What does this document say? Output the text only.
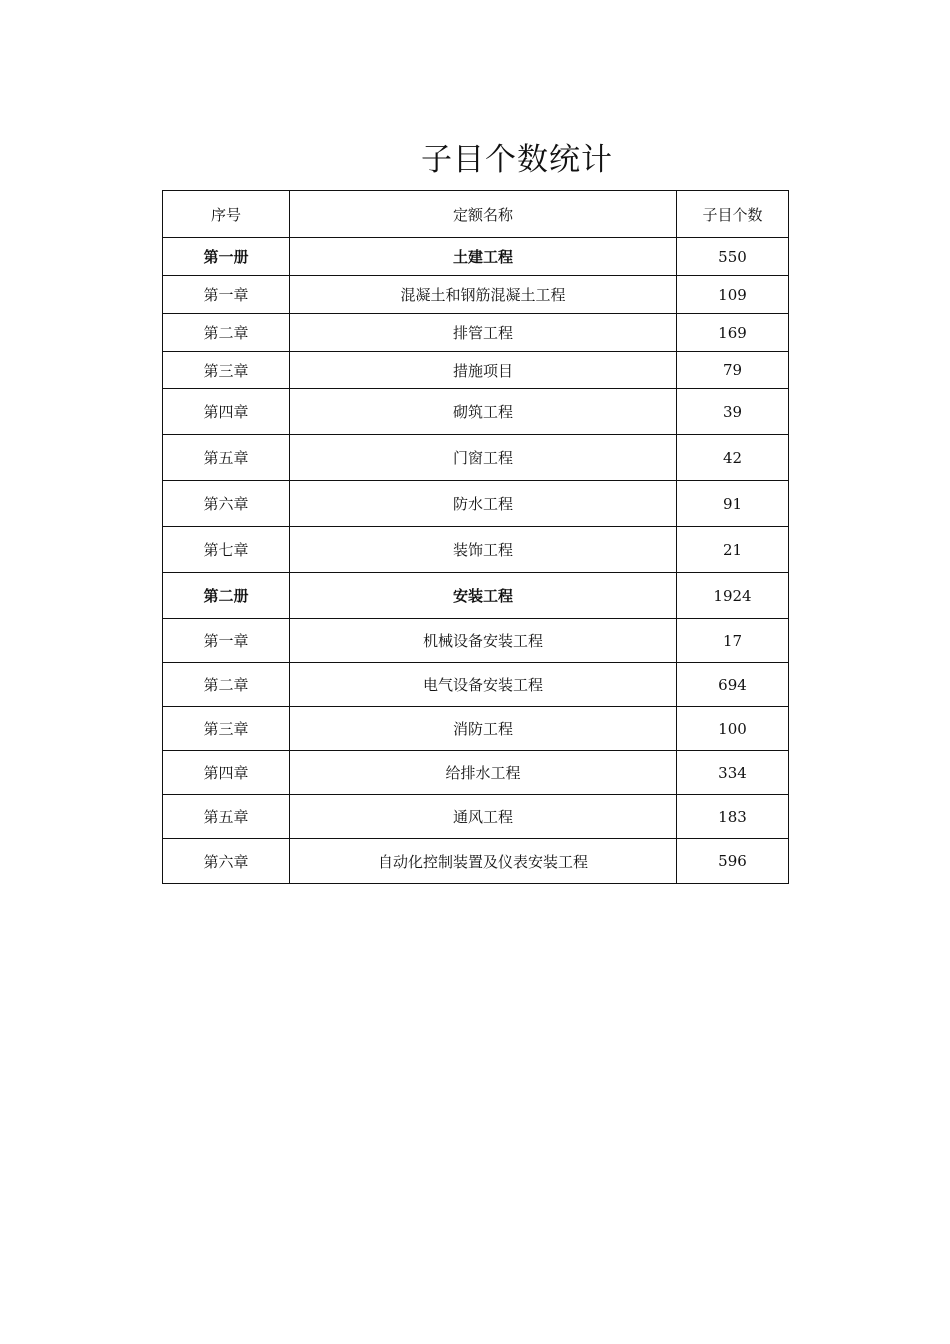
子目个数统计
序号	定额名称	子目个数
第一册	土建工程	550
第一章	混凝土和钢筋混凝土工程	109
第二章	排管工程	169
第三章	措施项目	79
第四章	砌筑工程	39
第五章	门窗工程	42
第六章	防水工程	91
第七章	装饰工程	21
第二册	安装工程	1924
第一章	机械设备安装工程	17
第二章	电气设备安装工程	694
第三章	消防工程	100
第四章	给排水工程	334
第五章	通风工程	183
第六章	自动化控制装置及仪表安装工程	596
